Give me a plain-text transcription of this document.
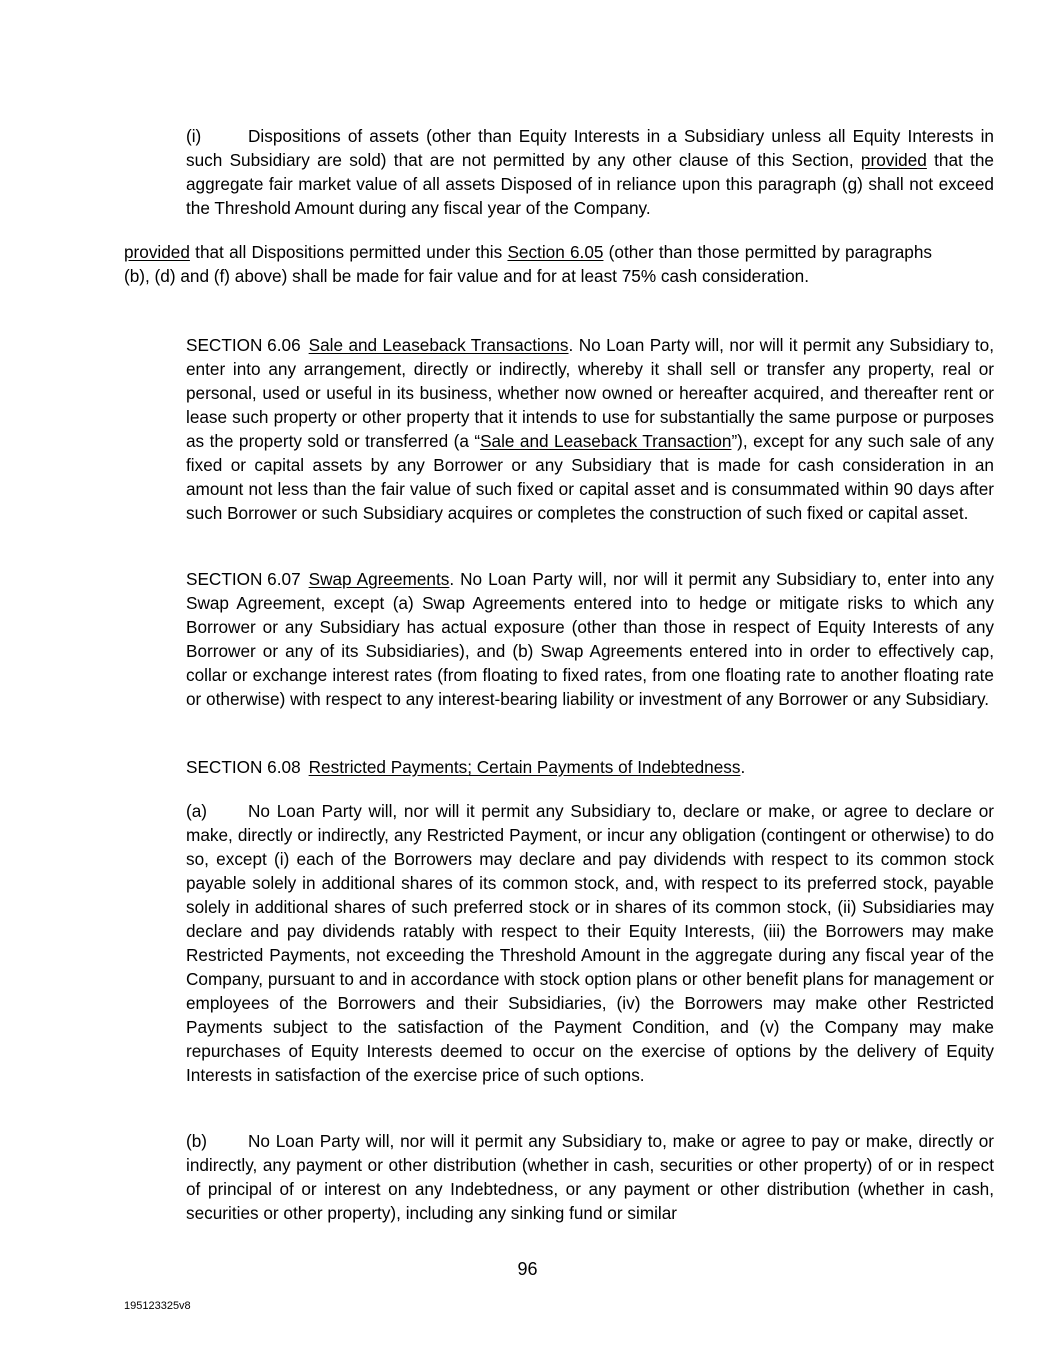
(i)	Dispositions of assets (other than Equity Interests in a Subsidiary unless all Equity Interests in such Subsidiary are sold) that are not permitted by any other clause of this Section, provided that the aggregate fair market value of all assets Disposed of in reliance upon this paragraph (g) shall not exceed the Threshold Amount during any fiscal year of the Company.

provided that all Dispositions permitted under this Section 6.05 (other than those permitted by paragraphs (b), (d) and (f) above) shall be made for fair value and for at least 75% cash consideration.

SECTION 6.06 Sale and Leaseback Transactions. No Loan Party will, nor will it permit any Subsidiary to, enter into any arrangement, directly or indirectly, whereby it shall sell or transfer any property, real or personal, used or useful in its business, whether now owned or hereafter acquired, and thereafter rent or lease such property or other property that it intends to use for substantially the same purpose or purposes as the property sold or transferred (a “Sale and Leaseback Transaction”), except for any such sale of any fixed or capital assets by any Borrower or any Subsidiary that is made for cash consideration in an amount not less than the fair value of such fixed or capital asset and is consummated within 90 days after such Borrower or such Subsidiary acquires or completes the construction of such fixed or capital asset.

SECTION 6.07 Swap Agreements. No Loan Party will, nor will it permit any Subsidiary to, enter into any Swap Agreement, except (a) Swap Agreements entered into to hedge or mitigate risks to which any Borrower or any Subsidiary has actual exposure (other than those in respect of Equity Interests of any Borrower or any of its Subsidiaries), and (b) Swap Agreements entered into in order to effectively cap, collar or exchange interest rates (from floating to fixed rates, from one floating rate to another floating rate or otherwise) with respect to any interest-bearing liability or investment of any Borrower or any Subsidiary.

SECTION 6.08 Restricted Payments; Certain Payments of Indebtedness.

(a) No Loan Party will, nor will it permit any Subsidiary to, declare or make, or agree to declare or make, directly or indirectly, any Restricted Payment, or incur any obligation (contingent or otherwise) to do so, except (i) each of the Borrowers may declare and pay dividends with respect to its common stock payable solely in additional shares of its common stock, and, with respect to its preferred stock, payable solely in additional shares of such preferred stock or in shares of its common stock, (ii) Subsidiaries may declare and pay dividends ratably with respect to their Equity Interests, (iii) the Borrowers may make Restricted Payments, not exceeding the Threshold Amount in the aggregate during any fiscal year of the Company, pursuant to and in accordance with stock option plans or other benefit plans for management or employees of the Borrowers and their Subsidiaries, (iv) the Borrowers may make other Restricted Payments subject to the satisfaction of the Payment Condition, and (v) the Company may make repurchases of Equity Interests deemed to occur on the exercise of options by the delivery of Equity Interests in satisfaction of the exercise price of such options.

(b) No Loan Party will, nor will it permit any Subsidiary to, make or agree to pay or make, directly or indirectly, any payment or other distribution (whether in cash, securities or other property) of or in respect of principal of or interest on any Indebtedness, or any payment or other distribution (whether in cash, securities or other property), including any sinking fund or similar

96
195123325v8
